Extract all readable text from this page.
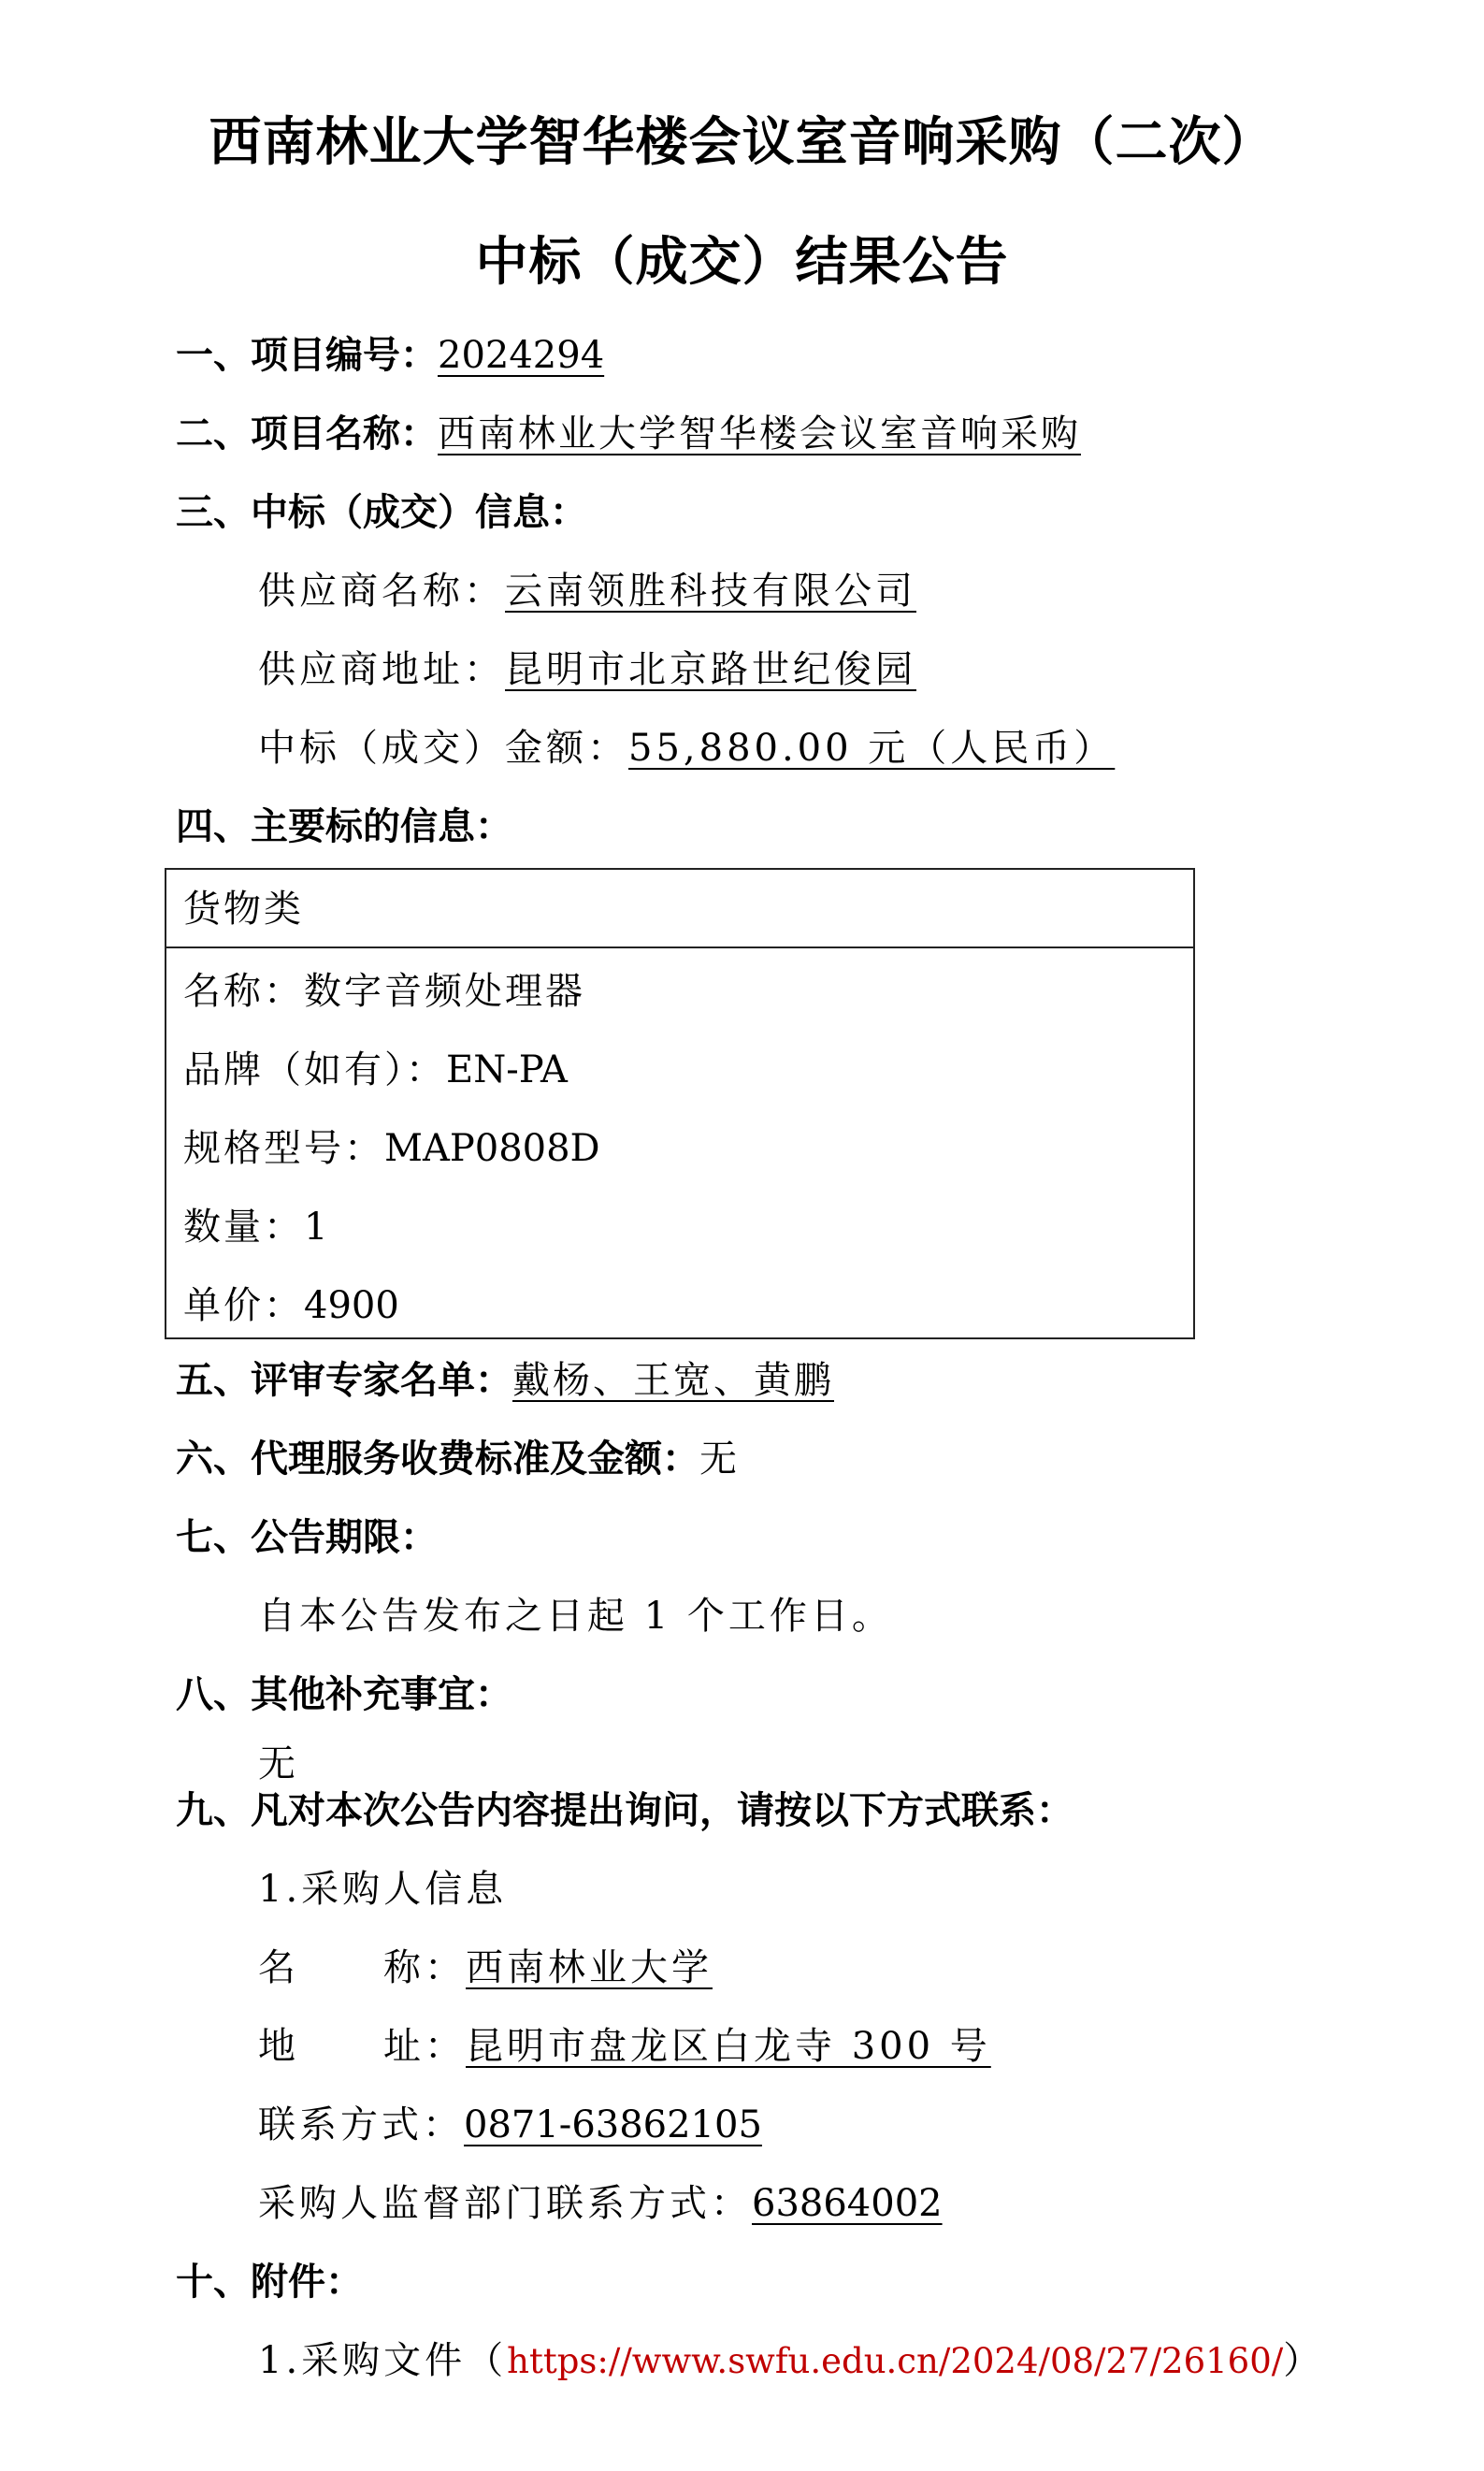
西南林业大学智华楼会议室音响采购（二次）
中标（成交）结果公告
一、项目编号：2024294
二、项目名称：西南林业大学智华楼会议室音响采购
三、中标（成交）信息：
供应商名称：云南领胜科技有限公司
供应商地址：昆明市北京路世纪俊园
中标（成交）金额：55,880.00 元（人民币）
四、主要标的信息：
货物类
名称：数字音频处理器
品牌（如有）：EN-PA
规格型号：MAP0808D
数量：1
单价：4900
五、评审专家名单：戴杨、王宽、黄鹏
六、代理服务收费标准及金额：无
七、公告期限：
自本公告发布之日起 1 个工作日。
八、其他补充事宜：
无
九、凡对本次公告内容提出询问，请按以下方式联系：
1.采购人信息
名 称：西南林业大学
地 址：昆明市盘龙区白龙寺 300 号
联系方式：0871-63862105
采购人监督部门联系方式：63864002
十、附件：
1.采购文件（https://www.swfu.edu.cn/2024/08/27/26160/）
